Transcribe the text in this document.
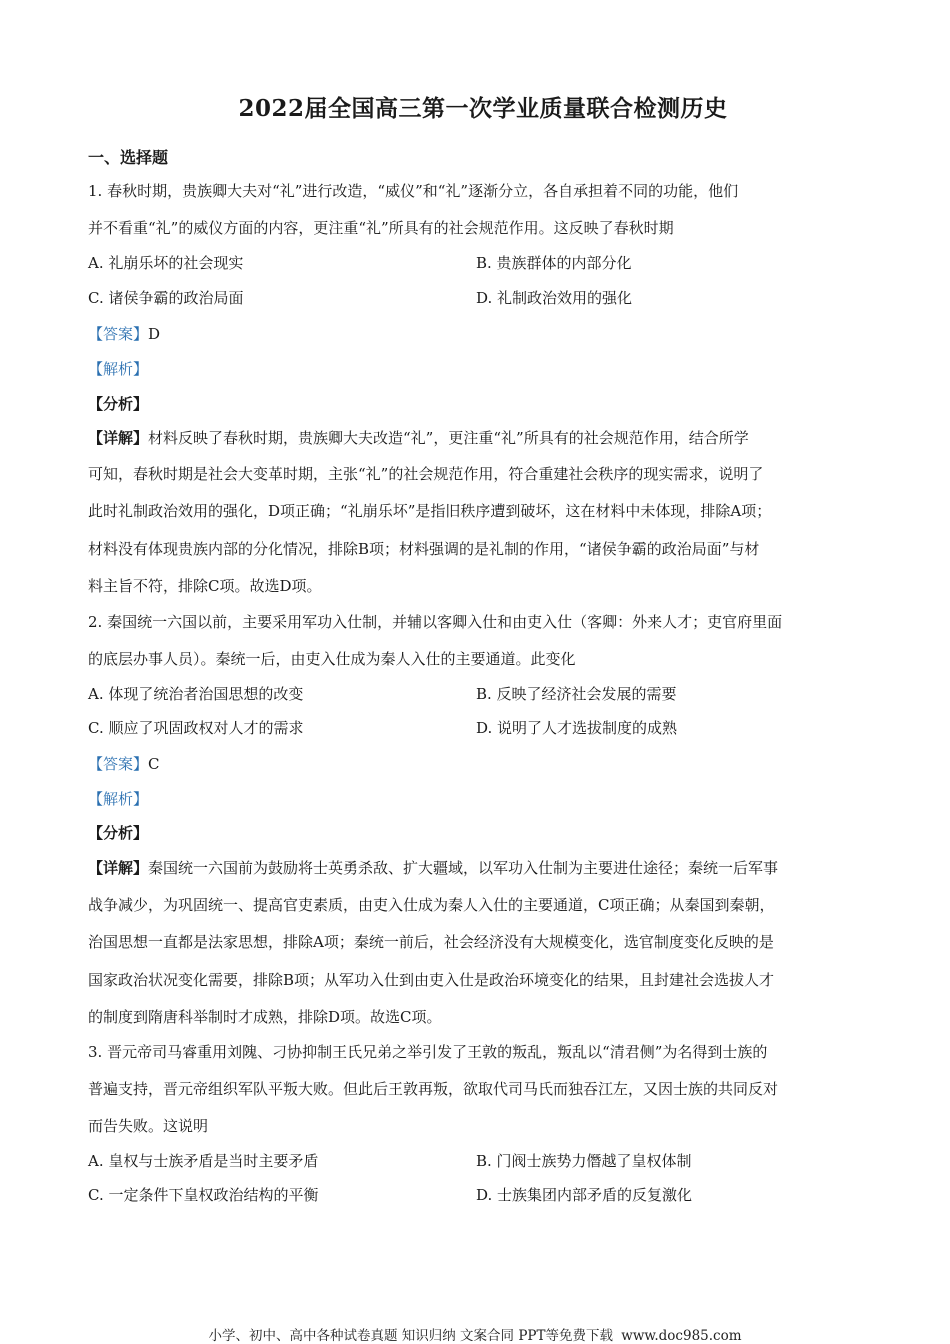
2022届全国高三第一次学业质量联合检测历史
一、选择题
1. 春秋时期，贵族卿大夫对“礼”进行改造，“威仪”和“礼”逐渐分立，各自承担着不同的功能，他们
并不看重“礼”的威仪方面的内容，更注重“礼”所具有的社会规范作用。这反映了春秋时期
A. 礼崩乐坏的社会现实	B. 贵族群体的内部分化
C. 诸侯争霸的政治局面	D. 礼制政治效用的强化
【答案】D
【解析】
【分析】
【详解】材料反映了春秋时期，贵族卿大夫改造“礼”，更注重“礼”所具有的社会规范作用，结合所学
可知，春秋时期是社会大变革时期，主张“礼”的社会规范作用，符合重建社会秩序的现实需求，说明了
此时礼制政治效用的强化，D项正确；“礼崩乐坏”是指旧秩序遭到破坏，这在材料中未体现，排除A项；
材料没有体现贵族内部的分化情况，排除B项；材料强调的是礼制的作用，“诸侯争霸的政治局面”与材
料主旨不符，排除C项。故选D项。
2. 秦国统一六国以前，主要采用军功入仕制，并辅以客卿入仕和由吏入仕（客卿：外来人才；吏官府里面
的底层办事人员）。秦统一后，由吏入仕成为秦人入仕的主要通道。此变化
A. 体现了统治者治国思想的改变	B. 反映了经济社会发展的需要
C. 顺应了巩固政权对人才的需求	D. 说明了人才选拔制度的成熟
【答案】C
【解析】
【分析】
【详解】秦国统一六国前为鼓励将士英勇杀敌、扩大疆域，以军功入仕制为主要进仕途径；秦统一后军事
战争减少，为巩固统一、提高官吏素质，由吏入仕成为秦人入仕的主要通道，C项正确；从秦国到秦朝，
治国思想一直都是法家思想，排除A项；秦统一前后，社会经济没有大规模变化，选官制度变化反映的是
国家政治状况变化需要，排除B项；从军功入仕到由吏入仕是政治环境变化的结果，且封建社会选拔人才
的制度到隋唐科举制时才成熟，排除D项。故选C项。
3. 晋元帝司马睿重用刘隗、刁协抑制王氏兄弟之举引发了王敦的叛乱，叛乱以“清君侧”为名得到士族的
普遍支持，晋元帝组织军队平叛大败。但此后王敦再叛，欲取代司马氏而独吞江左，又因士族的共同反对
而告失败。这说明
A. 皇权与士族矛盾是当时主要矛盾	B. 门阀士族势力僭越了皇权体制
C. 一定条件下皇权政治结构的平衡	D. 士族集团内部矛盾的反复激化
小学、初中、高中各种试卷真题 知识归纳 文案合同 PPT等免费下载 www.doc985.com
